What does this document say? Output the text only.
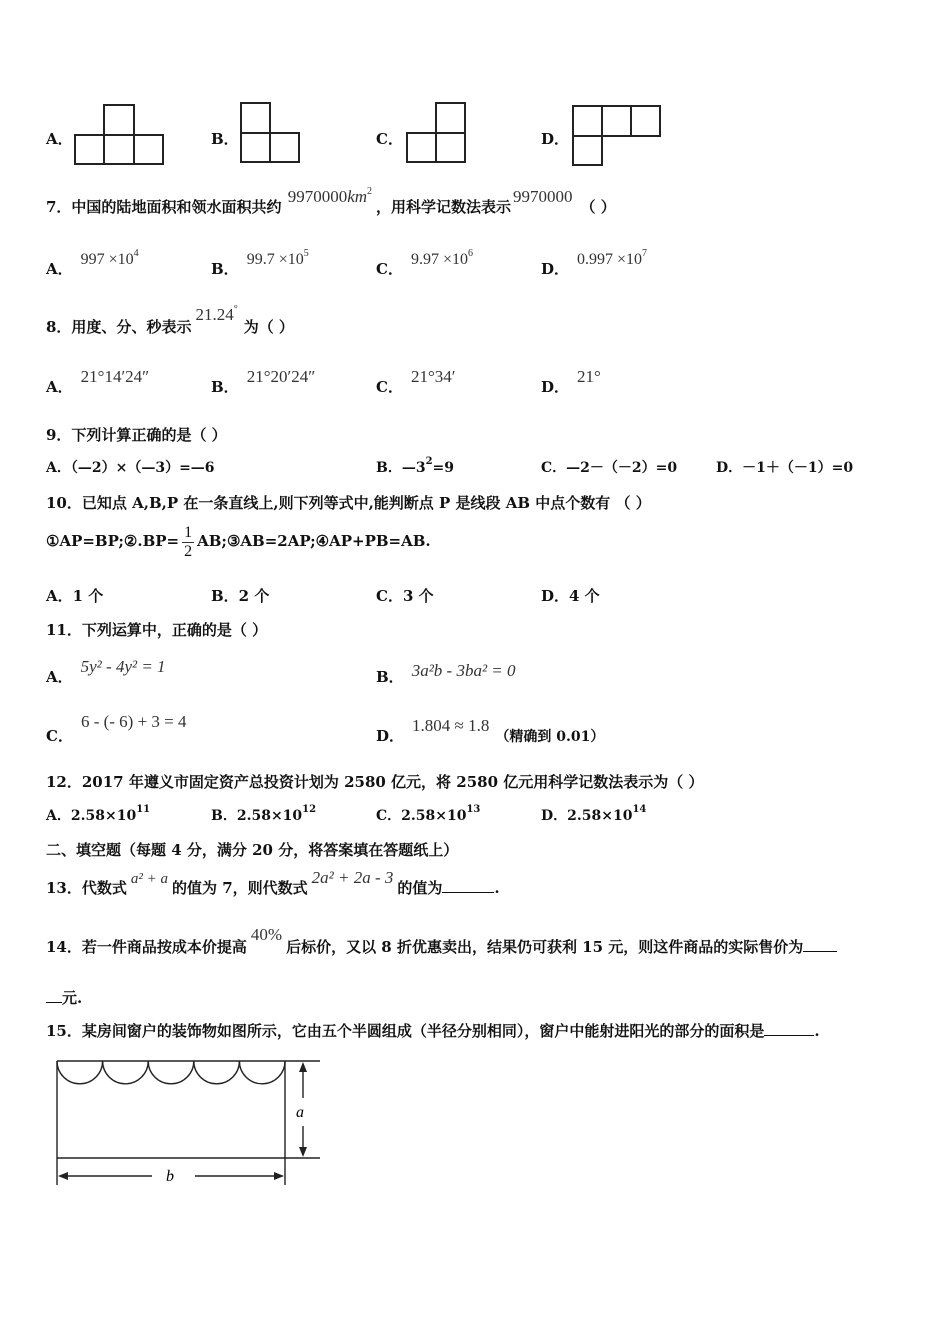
A．	B．	C．	D．
7．中国的陆地面积和领水面积共约 $9970000km^2$，用科学记数法表示9970000（ ）
A．$997 \times 10^4$
B．$99.7 \times 10^5$
C．$9.97 \times 10^6$
D．$0.997 \times 10^7$
8．用度、分、秒表示21.24°为（ ）
A．21°14′24″
B．21°20′24″
C．21°34′
D．21°
9．下列计算正确的是（ ）
A．（—2）×（—3）=—6	B．$—3^2=9$	C．—2－（－2）=0	D．－1＋（－1）=0
10．已知点 A,B,P 在一条直线上,则下列等式中,能判断点 P 是线段 AB 中点个数有 （ ）
①AP=BP;②.BP= $\frac{1}{2}$ AB;③AB=2AP;④AP+PB=AB.
A．1 个	B．2 个	C．3 个	D．4 个
11．下列运算中，正确的是（ ）
A．5y² - 4y² = 1
B． 3a²b - 3ba² = 0
C．6 - (- 6) + 3 = 4
D．1.804 ≈ 1.8（精确到 0.01）
12．2017 年遵义市固定资产总投资计划为 2580 亿元，将 2580 亿元用科学记数法表示为（ ）
A．$2.58\times 10^{11}$	B．$2.58\times 10^{12}$	C．$2.58\times 10^{13}$	D．$2.58\times 10^{14}$
二、填空题（每题 4 分，满分 20 分，将答案填在答题纸上）
13．代数式 a² + a 的值为 7，则代数式2a² + 2a - 3的值为	.
14．若一件商品按成本价提高40%后标价，又以 8 折优惠卖出，结果仍可获利 15 元，则这件商品的实际售价为
元.
15．某房间窗户的装饰物如图所示，它由五个半圆组成（半径分别相同），窗户中能射进阳光的部分的面积是	.
a
b
